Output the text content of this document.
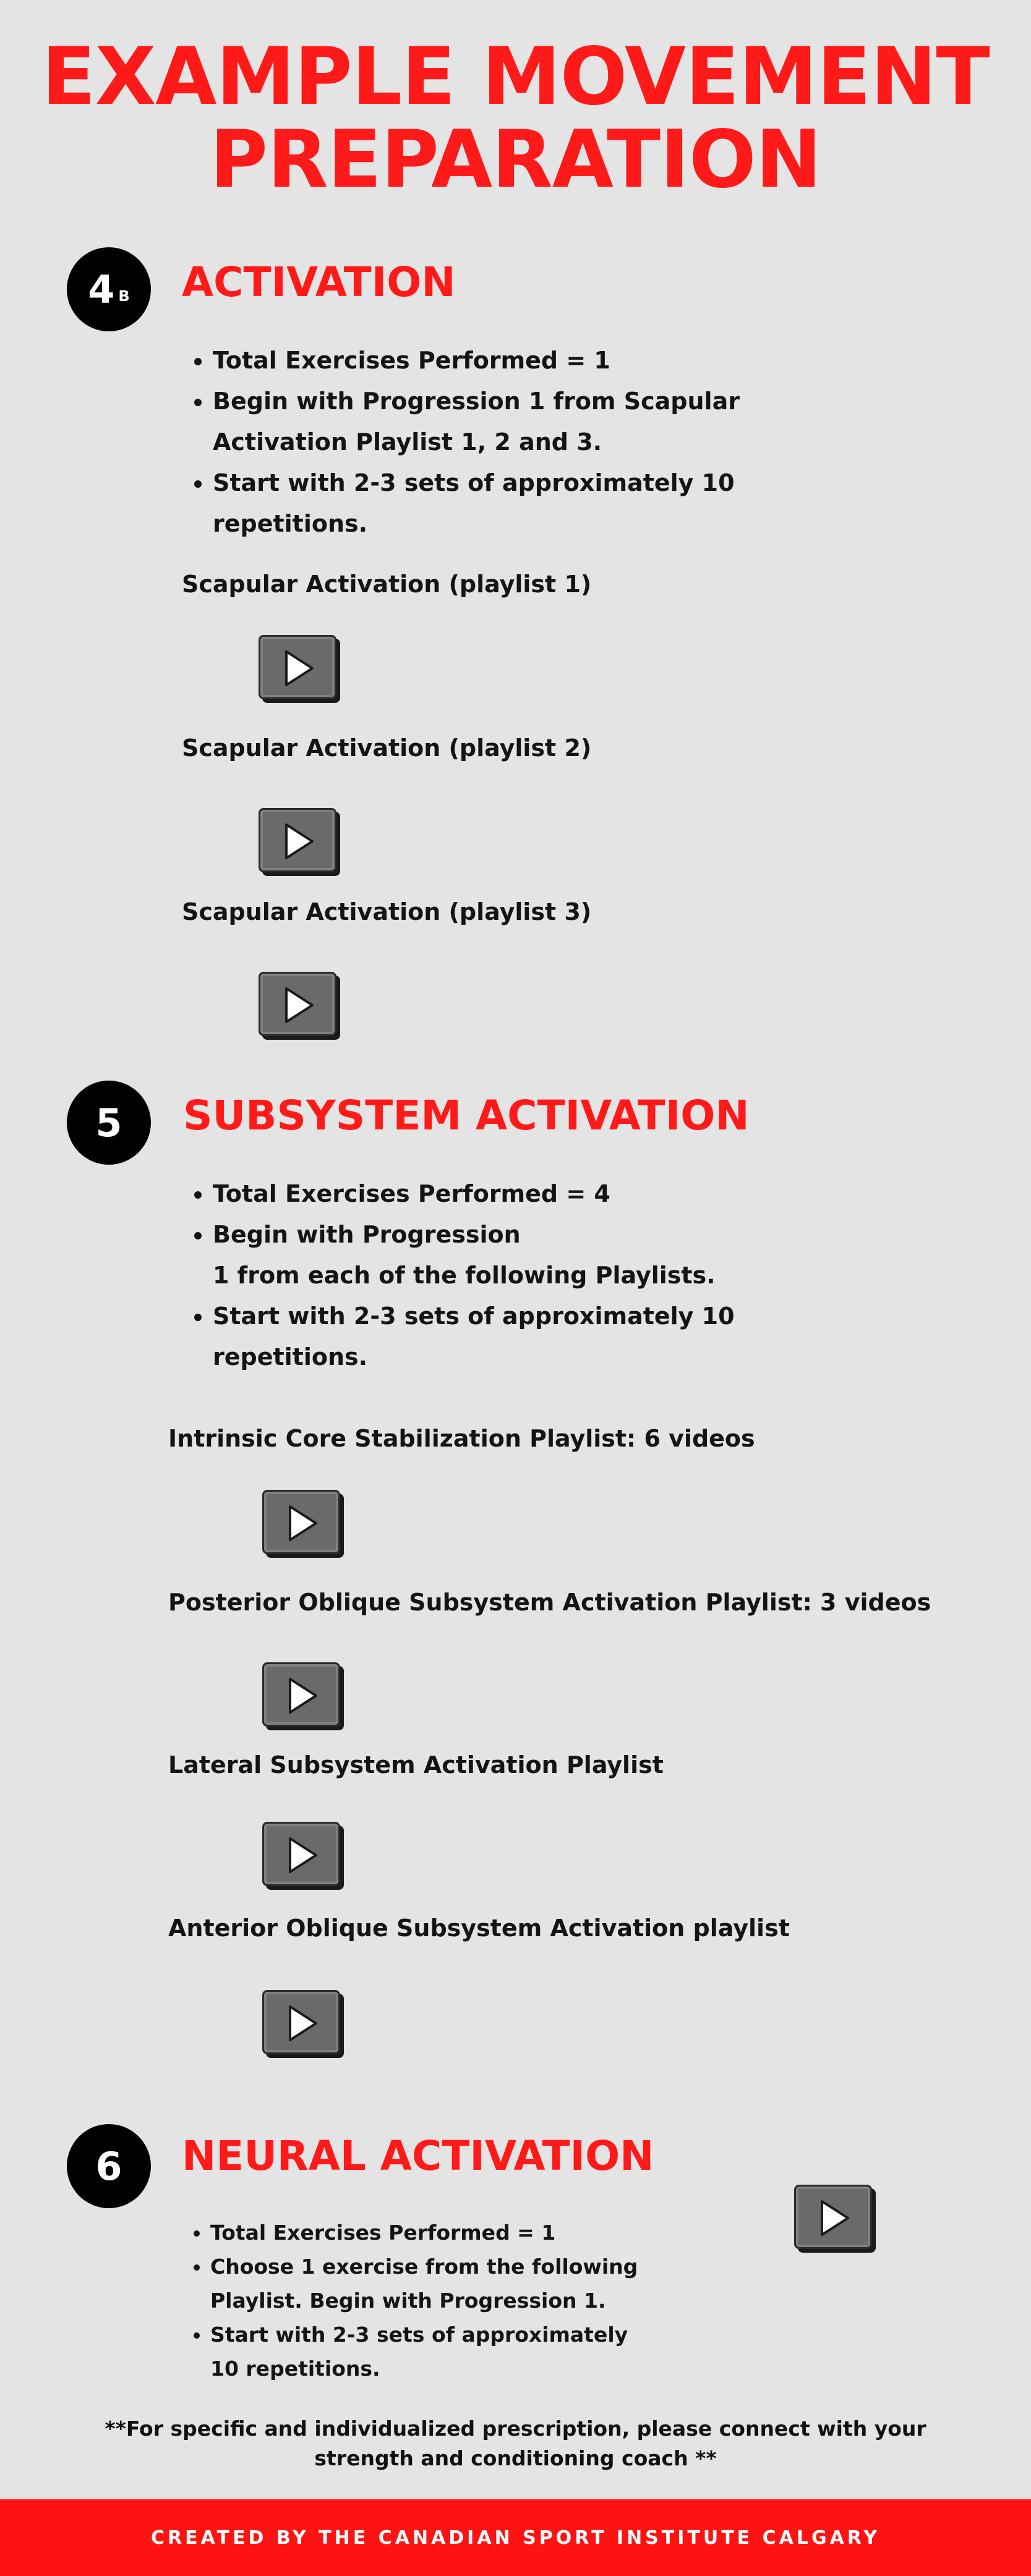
EXAMPLE MOVEMENT
PREPARATION
4 B ACTIVATION
• Total Exercises Performed = 1
• Begin with Progression 1 from Scapular Activation Playlist 1, 2 and 3.
• Start with 2-3 sets of approximately 10 repetitions.
Scapular Activation (playlist 1)
Scapular Activation (playlist 2)
Scapular Activation (playlist 3)
5 SUBSYSTEM ACTIVATION
• Total Exercises Performed = 4
• Begin with Progression
1 from each of the following Playlists.
• Start with 2-3 sets of approximately 10 repetitions.
Intrinsic Core Stabilization Playlist: 6 videos
Posterior Oblique Subsystem Activation Playlist: 3 videos
Lateral Subsystem Activation Playlist
Anterior Oblique Subsystem Activation playlist
6 NEURAL ACTIVATION
• Total Exercises Performed = 1
• Choose 1 exercise from the following Playlist. Begin with Progression 1.
• Start with 2-3 sets of approximately 10 repetitions.
**For specific and individualized prescription, please connect with your strength and conditioning coach **
CREATED BY THE CANADIAN SPORT INSTITUTE CALGARY
